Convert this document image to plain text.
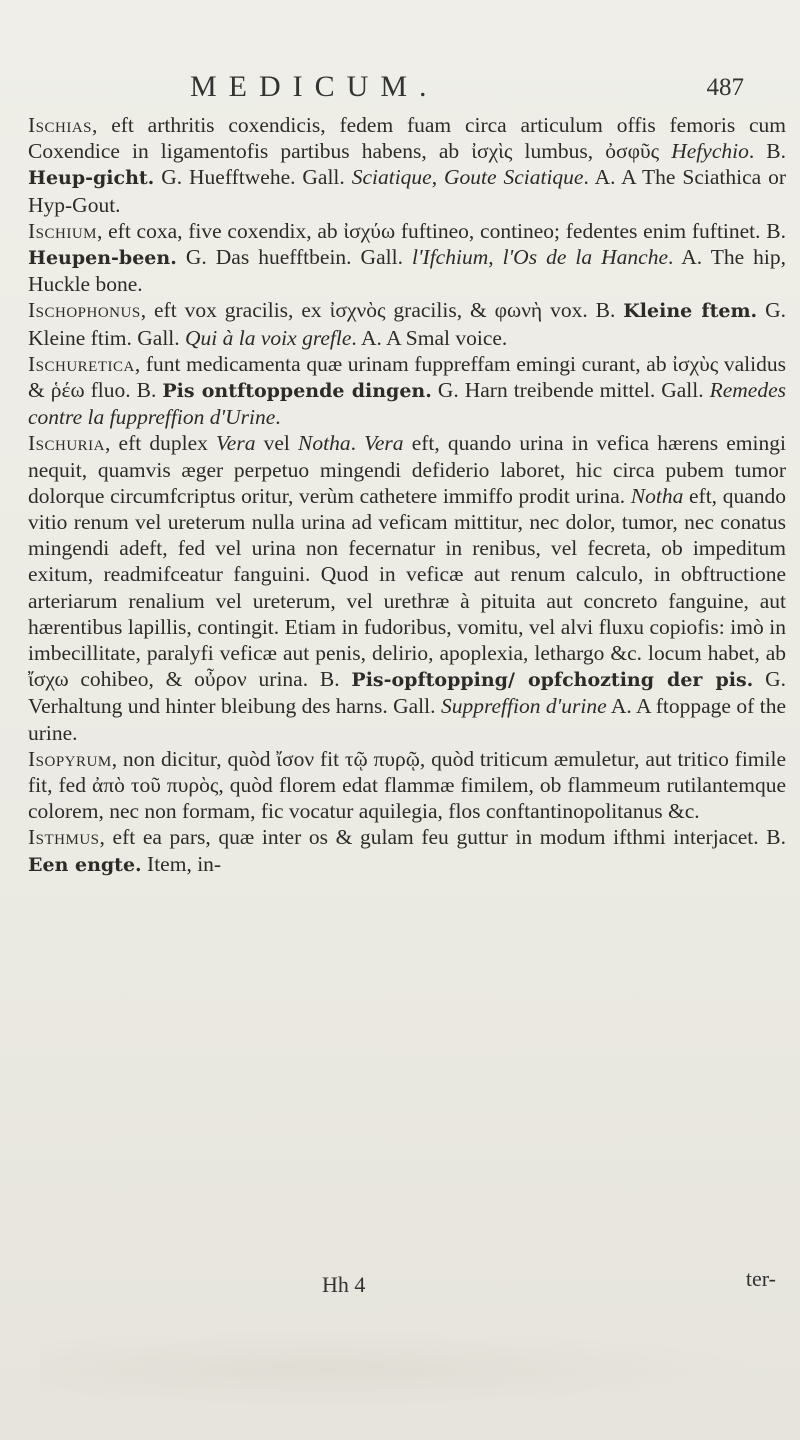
MEDICUM.	487

Ischias, eft arthritis coxendicis, fedem fuam circa articulum offis femoris cum Coxendice in ligamentofis partibus habens, ab ἰσχὶς lumbus, ὀσφῦς Hefychio. B. Heup-gicht. G. Huefftwehe. Gall. Sciatique, Goute Sciatique. A. A The Sciathica or Hyp-Gout.

Ischium, eft coxa, five coxendix, ab ἰσχύω fuftineo, contineo; fedentes enim fuftinet. B. Heupen-been. G. Das huefftbein. Gall. l'Ifchium, l'Os de la Hanche. A. The hip, Huckle bone.

Ischophonus, eft vox gracilis, ex ἰσχνὸς gracilis, & φωνὴ vox. B. Kleine ftem. G. Kleine ftim. Gall. Qui à la voix grefle. A. A Smal voice.

Ischuretica, funt medicamenta quæ urinam fuppreffam emingi curant, ab ἰσχὺς validus & ῥέω fluo. B. Pis ontftoppende dingen. G. Harn treibende mittel. Gall. Remedes contre la fuppreffion d'Urine.

Ischuria, eft duplex Vera vel Notha. Vera eft, quando urina in vefica hærens emingi nequit, quamvis æger perpetuo mingendi defiderio laboret, hic circa pubem tumor dolorque circumfcriptus oritur, verùm cathetere immiffo prodit urina. Notha eft, quando vitio renum vel ureterum nulla urina ad veficam mittitur, nec dolor, tumor, nec conatus mingendi adeft, fed vel urina non fecernatur in renibus, vel fecreta, ob impeditum exitum, readmifceatur fanguini. Quod in veficæ aut renum calculo, in obftructione arteriarum renalium vel ureterum, vel urethræ à pituita aut concreto fanguine, aut hærentibus lapillis, contingit. Etiam in fudoribus, vomitu, vel alvi fluxu copiofis: imò in imbecillitate, paralyfi veficæ aut penis, delirio, apoplexia, lethargo &c. locum habet, ab ἴσχω cohibeo, & οὖρον urina. B. Pis-opftopping/ opfchozting der pis. G. Verhaltung und hinter bleibung des harns. Gall. Suppreffion d'urine A. A ftoppage of the urine.

Isopyrum, non dicitur, quòd ἴσον fit τῷ πυρῷ, quòd triticum æmuletur, aut tritico fimile fit, fed ἀπὸ τοῦ πυρὸς, quòd florem edat flammæ fimilem, ob flammeum rutilantemque colorem, nec non formam, fic vocatur aquilegia, flos conftantinopolitanus &c.

Isthmus, eft ea pars, quæ inter os & gulam feu guttur in modum ifthmi interjacet. B. Een engte. Item, in-

Hh 4	ter-
